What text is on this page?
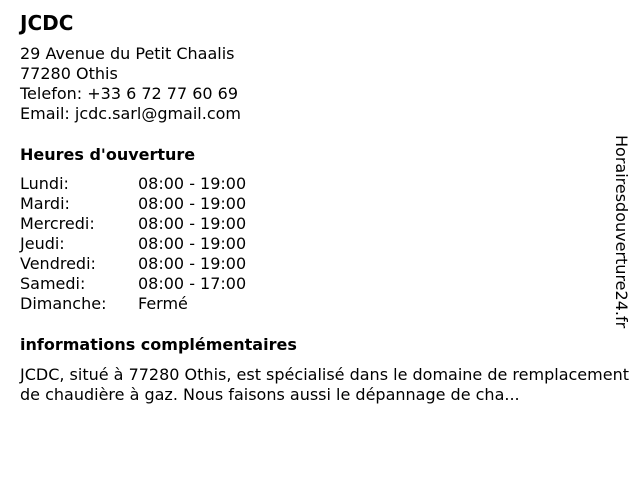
JCDC
29 Avenue du Petit Chaalis
77280 Othis
Telefon: +33 6 72 77 60 69
Email: jcdc.sarl@gmail.com
Heures d'ouverture
Lundi:	08:00 - 19:00
Mardi:	08:00 - 19:00
Mercredi:	08:00 - 19:00
Jeudi:	08:00 - 19:00
Vendredi:	08:00 - 19:00
Samedi:	08:00 - 17:00
Dimanche:	Fermé
informations complémentaires
JCDC, situé à 77280 Othis, est spécialisé dans le domaine de remplacement de chaudière à gaz. Nous faisons aussi le dépannage de cha...
Horairesdouverture24.fr
